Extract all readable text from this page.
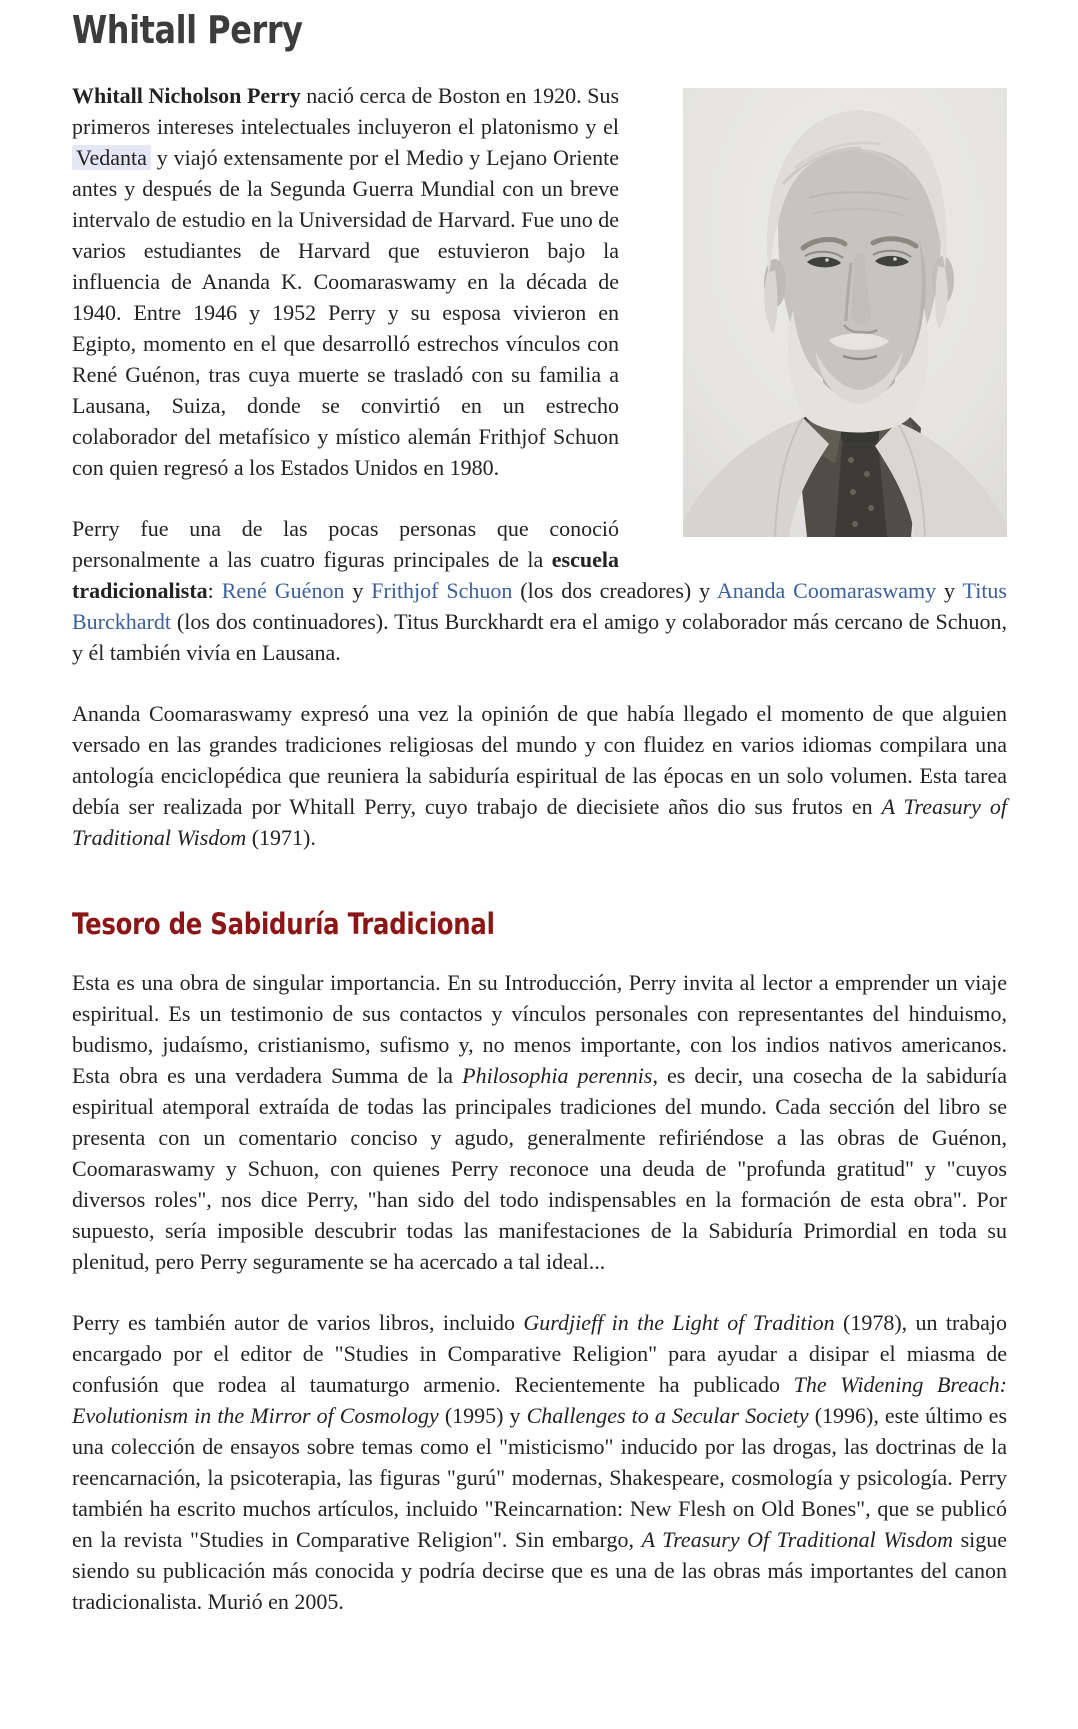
Whitall Perry

Whitall Nicholson Perry nació cerca de Boston en 1920. Sus primeros intereses intelectuales incluyeron el platonismo y el Vedanta y viajó extensamente por el Medio y Lejano Oriente antes y después de la Segunda Guerra Mundial con un breve intervalo de estudio en la Universidad de Harvard. Fue uno de varios estudiantes de Harvard que estuvieron bajo la influencia de Ananda K. Coomaraswamy en la década de 1940. Entre 1946 y 1952 Perry y su esposa vivieron en Egipto, momento en el que desarrolló estrechos vínculos con René Guénon, tras cuya muerte se trasladó con su familia a Lausana, Suiza, donde se convirtió en un estrecho colaborador del metafísico y místico alemán Frithjof Schuon con quien regresó a los Estados Unidos en 1980.

Perry fue una de las pocas personas que conoció personalmente a las cuatro figuras principales de la escuela tradicionalista: René Guénon y Frithjof Schuon (los dos creadores) y Ananda Coomaraswamy y Titus Burckhardt (los dos continuadores). Titus Burckhardt era el amigo y colaborador más cercano de Schuon, y él también vivía en Lausana.

Ananda Coomaraswamy expresó una vez la opinión de que había llegado el momento de que alguien versado en las grandes tradiciones religiosas del mundo y con fluidez en varios idiomas compilara una antología enciclopédica que reuniera la sabiduría espiritual de las épocas en un solo volumen. Esta tarea debía ser realizada por Whitall Perry, cuyo trabajo de diecisiete años dio sus frutos en A Treasury of Traditional Wisdom (1971).

Tesoro de Sabiduría Tradicional

Esta es una obra de singular importancia. En su Introducción, Perry invita al lector a emprender un viaje espiritual. Es un testimonio de sus contactos y vínculos personales con representantes del hinduismo, budismo, judaísmo, cristianismo, sufismo y, no menos importante, con los indios nativos americanos. Esta obra es una verdadera Summa de la Philosophia perennis, es decir, una cosecha de la sabiduría espiritual atemporal extraída de todas las principales tradiciones del mundo. Cada sección del libro se presenta con un comentario conciso y agudo, generalmente refiriéndose a las obras de Guénon, Coomaraswamy y Schuon, con quienes Perry reconoce una deuda de "profunda gratitud" y "cuyos diversos roles", nos dice Perry, "han sido del todo indispensables en la formación de esta obra". Por supuesto, sería imposible descubrir todas las manifestaciones de la Sabiduría Primordial en toda su plenitud, pero Perry seguramente se ha acercado a tal ideal...

Perry es también autor de varios libros, incluido Gurdjieff in the Light of Tradition (1978), un trabajo encargado por el editor de "Studies in Comparative Religion" para ayudar a disipar el miasma de confusión que rodea al taumaturgo armenio. Recientemente ha publicado The Widening Breach: Evolutionism in the Mirror of Cosmology (1995) y Challenges to a Secular Society (1996), este último es una colección de ensayos sobre temas como el "misticismo" inducido por las drogas, las doctrinas de la reencarnación, la psicoterapia, las figuras "gurú" modernas, Shakespeare, cosmología y psicología. Perry también ha escrito muchos artículos, incluido "Reincarnation: New Flesh on Old Bones", que se publicó en la revista "Studies in Comparative Religion". Sin embargo, A Treasury Of Traditional Wisdom sigue siendo su publicación más conocida y podría decirse que es una de las obras más importantes del canon tradicionalista. Murió en 2005.
